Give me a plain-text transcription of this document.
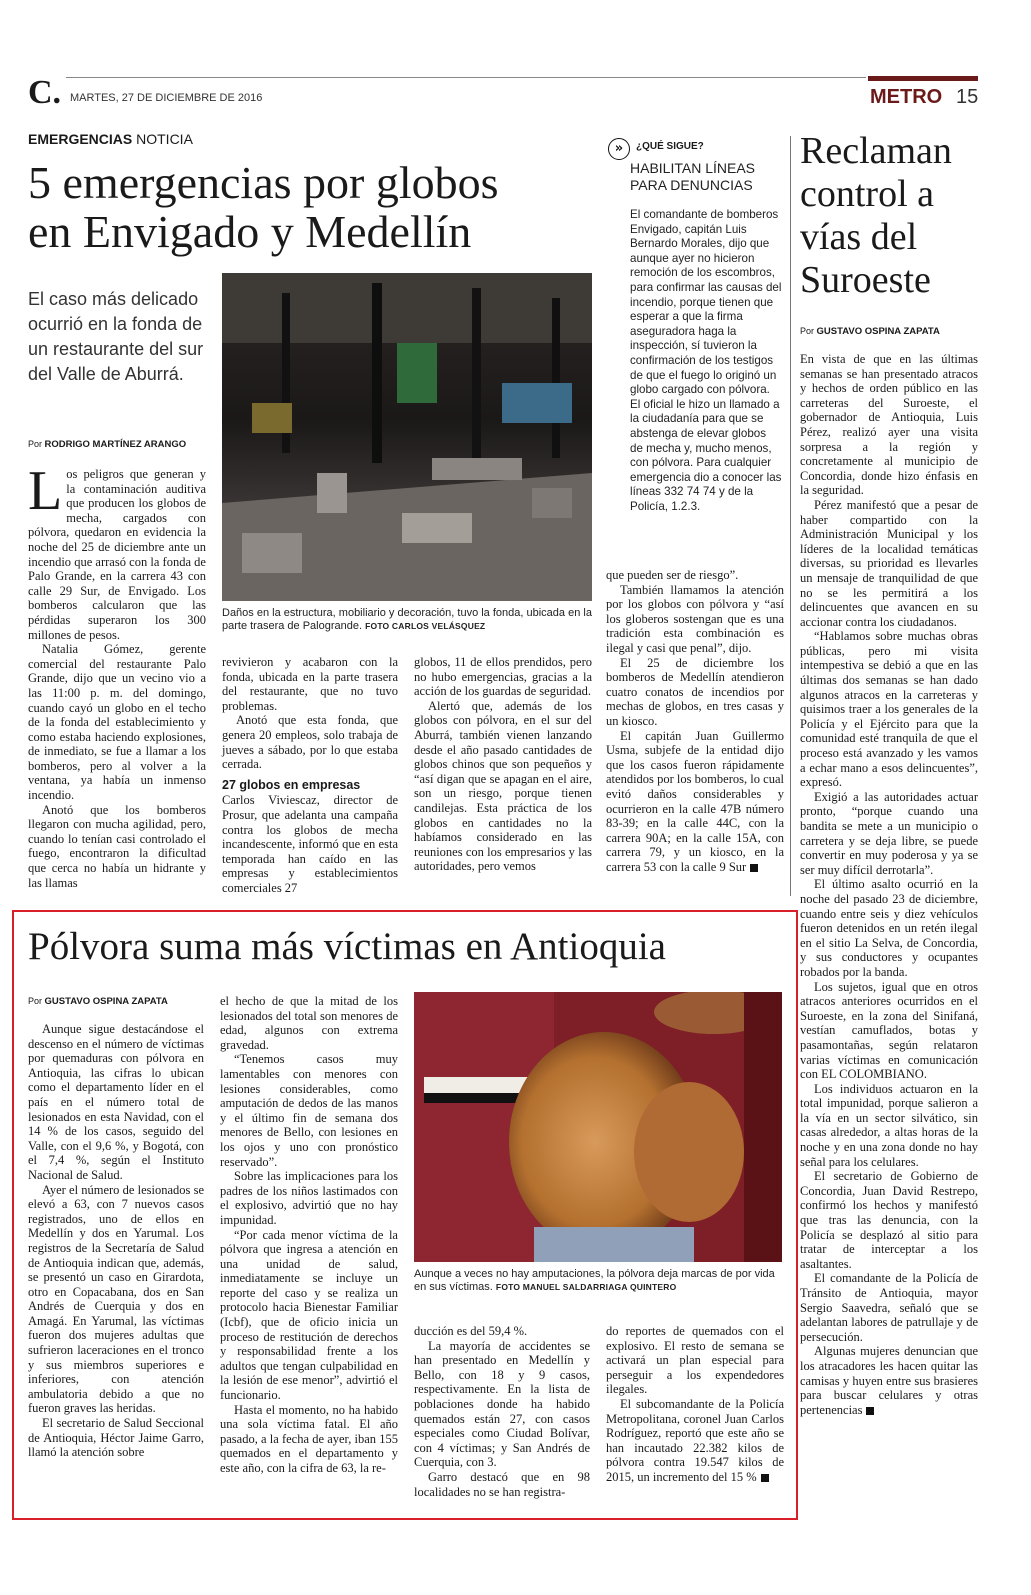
C. MARTES, 27 DE DICIEMBRE DE 2016	METRO 15
EMERGENCIAS NOTICIA
5 emergencias por globos
en Envigado y Medellín
El caso más delicado ocurrió en la fonda de un restaurante del sur del Valle de Aburrá.
Por RODRIGO MARTÍNEZ ARANGO
Daños en la estructura, mobiliario y decoración, tuvo la fonda, ubicada en la parte trasera de Palogrande. FOTO CARLOS VELÁSQUEZ
L os peligros que generan y la contaminación auditiva que producen los globos de mecha, cargados con pólvora, quedaron en evidencia la noche del 25 de diciembre ante un incendio que arrasó con la fonda de Palo Grande, en la carrera 43 con calle 29 Sur, de Envigado. Los bomberos calcularon que las pérdidas superaron los 300 millones de pesos.

Natalia Gómez, gerente comercial del restaurante Palo Grande, dijo que un vecino vio a las 11:00 p. m. del domingo, cuando cayó un globo en el techo de la fonda del establecimiento y como estaba haciendo explosiones, de inmediato, se fue a llamar a los bomberos, pero al volver a la ventana, ya había un inmenso incendio.

Anotó que los bomberos llegaron con mucha agilidad, pero, cuando lo tenían casi controlado el fuego, encontraron la dificultad que cerca no había un hidrante y las llamas

revivieron y acabaron con la fonda, ubicada en la parte trasera del restaurante, que no tuvo problemas.

Anotó que esta fonda, que genera 20 empleos, solo trabaja de jueves a sábado, por lo que estaba cerrada.

27 globos en empresas

Carlos Viviescaz, director de Prosur, que adelanta una campaña contra los globos de mecha incandescente, informó que en esta temporada han caído en las empresas y establecimientos comerciales 27

globos, 11 de ellos prendidos, pero no hubo emergencias, gracias a la acción de los guardas de seguridad.

Alertó que, además de los globos con pólvora, en el sur del Aburrá, también vienen lanzando desde el año pasado cantidades de globos chinos que son pequeños y “así digan que se apagan en el aire, son un riesgo, porque tienen candilejas. Esta práctica de los globos en cantidades no la habíamos considerado en las reuniones con los empresarios y las autoridades, pero vemos

»	¿QUÉ SIGUE?
HABILITAN LÍNEAS PARA DENUNCIAS
El comandante de bomberos Envigado, capitán Luis Bernardo Morales, dijo que aunque ayer no hicieron remoción de los escombros, para confirmar las causas del incendio, porque tienen que esperar a que la firma aseguradora haga la inspección, sí tuvieron la confirmación de los testigos de que el fuego lo originó un globo cargado con pólvora. El oficial le hizo un llamado a la ciudadanía para que se abstenga de elevar globos de mecha y, mucho menos, con pólvora. Para cualquier emergencia dio a conocer las líneas 332 74 74 y de la Policía, 1.2.3.

que pueden ser de riesgo”.

También llamamos la atención por los globos con pólvora y “así los globeros sostengan que es una tradición esta combinación es ilegal y casi que penal”, dijo.

El 25 de diciembre los bomberos de Medellín atendieron cuatro conatos de incendios por mechas de globos, en tres casas y un kiosco.

El capitán Juan Guillermo Usma, subjefe de la entidad dijo que los casos fueron rápidamente atendidos por los bomberos, lo cual evitó daños considerables y ocurrieron en la calle 47B número 83-39; en la calle 44C, con la carrera 90A; en la calle 15A, con carrera 79, y un kiosco, en la carrera 53 con la calle 9 Sur

Reclaman
control a
vías del
Suroeste
Por GUSTAVO OSPINA ZAPATA

En vista de que en las últimas semanas se han presentado atracos y hechos de orden público en las carreteras del Suroeste, el gobernador de Antioquia, Luis Pérez, realizó ayer una visita sorpresa a la región y concretamente al municipio de Concordia, donde hizo énfasis en la seguridad.

Pérez manifestó que a pesar de haber compartido con la Administración Municipal y los líderes de la localidad temáticas diversas, su prioridad es llevarles un mensaje de tranquilidad de que no se les permitirá a los delincuentes que avancen en su accionar contra los ciudadanos.

“Hablamos sobre muchas obras públicas, pero mi visita intempestiva se debió a que en las últimas dos semanas se han dado algunos atracos en la carreteras y quisimos traer a los generales de la Policía y el Ejército para que la comunidad esté tranquila de que el proceso está avanzado y les vamos a echar mano a esos delincuentes”, expresó.

Exigió a las autoridades actuar pronto, “porque cuando una bandita se mete a un municipio o carretera y se deja libre, se puede convertir en muy poderosa y ya se ser muy difícil derrotarla”.

El último asalto ocurrió en la noche del pasado 23 de diciembre, cuando entre seis y diez vehículos fueron detenidos en un retén ilegal en el sitio La Selva, de Concordia, y sus conductores y ocupantes robados por la banda.

Los sujetos, igual que en otros atracos anteriores ocurridos en el Suroeste, en la zona del Sinifaná, vestían camuflados, botas y pasamontañas, según relataron varias víctimas en comunicación con EL COLOMBIANO.

Los individuos actuaron en la total impunidad, porque salieron a la vía en un sector silvático, sin casas alrededor, a altas horas de la noche y en una zona donde no hay señal para los celulares.

El secretario de Gobierno de Concordia, Juan David Restrepo, confirmó los hechos y manifestó que tras las denuncia, con la Policía se desplazó al sitio para tratar de interceptar a los asaltantes.

El comandante de la Policía de Tránsito de Antioquia, mayor Sergio Saavedra, señaló que se adelantan labores de patrullaje y de persecución.

Algunas mujeres denuncian que los atracadores les hacen quitar las camisas y huyen entre sus brasieres para buscar celulares y otras pertenencias

Pólvora suma más víctimas en Antioquia
Por GUSTAVO OSPINA ZAPATA
Aunque a veces no hay amputaciones, la pólvora deja marcas de por vida en sus víctimas. FOTO MANUEL SALDARRIAGA QUINTERO

Aunque sigue destacándose el descenso en el número de víctimas por quemaduras con pólvora en Antioquia, las cifras lo ubican como el departamento líder en el país en el número total de lesionados en esta Navidad, con el 14 % de los casos, seguido del Valle, con el 9,6 %, y Bogotá, con el 7,4 %, según el Instituto Nacional de Salud.

Ayer el número de lesionados se elevó a 63, con 7 nuevos casos registrados, uno de ellos en Medellín y dos en Yarumal. Los registros de la Secretaría de Salud de Antioquia indican que, además, se presentó un caso en Girardota, otro en Copacabana, dos en San Andrés de Cuerquia y dos en Amagá. En Yarumal, las víctimas fueron dos mujeres adultas que sufrieron laceraciones en el tronco y sus miembros superiores e inferiores, con atención ambulatoria debido a que no fueron graves las heridas.

El secretario de Salud Seccional de Antioquia, Héctor Jaime Garro, llamó la atención sobre

el hecho de que la mitad de los lesionados del total son menores de edad, algunos con extrema gravedad.

“Tenemos casos muy lamentables con menores con lesiones considerables, como amputación de dedos de las manos y el último fin de semana dos menores de Bello, con lesiones en los ojos y uno con pronóstico reservado”.

Sobre las implicaciones para los padres de los niños lastimados con el explosivo, advirtió que no hay impunidad.

“Por cada menor víctima de la pólvora que ingresa a atención en una unidad de salud, inmediatamente se incluye un reporte del caso y se realiza un protocolo hacia Bienestar Familiar (Icbf), que de oficio inicia un proceso de restitución de derechos y responsabilidad frente a los adultos que tengan culpabilidad en la lesión de ese menor”, advirtió el funcionario.

Hasta el momento, no ha habido una sola víctima fatal. El año pasado, a la fecha de ayer, iban 155 quemados en el departamento y este año, con la cifra de 63, la re-

ducción es del 59,4 %.

La mayoría de accidentes se han presentado en Medellín y Bello, con 18 y 9 casos, respectivamente. En la lista de poblaciones donde ha habido quemados están 27, con casos especiales como Ciudad Bolívar, con 4 víctimas; y San Andrés de Cuerquia, con 3.

Garro destacó que en 98 localidades no se han registra-

do reportes de quemados con el explosivo. El resto de semana se activará un plan especial para perseguir a los expendedores ilegales.

El subcomandante de la Policía Metropolitana, coronel Juan Carlos Rodríguez, reportó que este año se han incautado 22.382 kilos de pólvora contra 19.547 kilos de 2015, un incremento del 15 %
